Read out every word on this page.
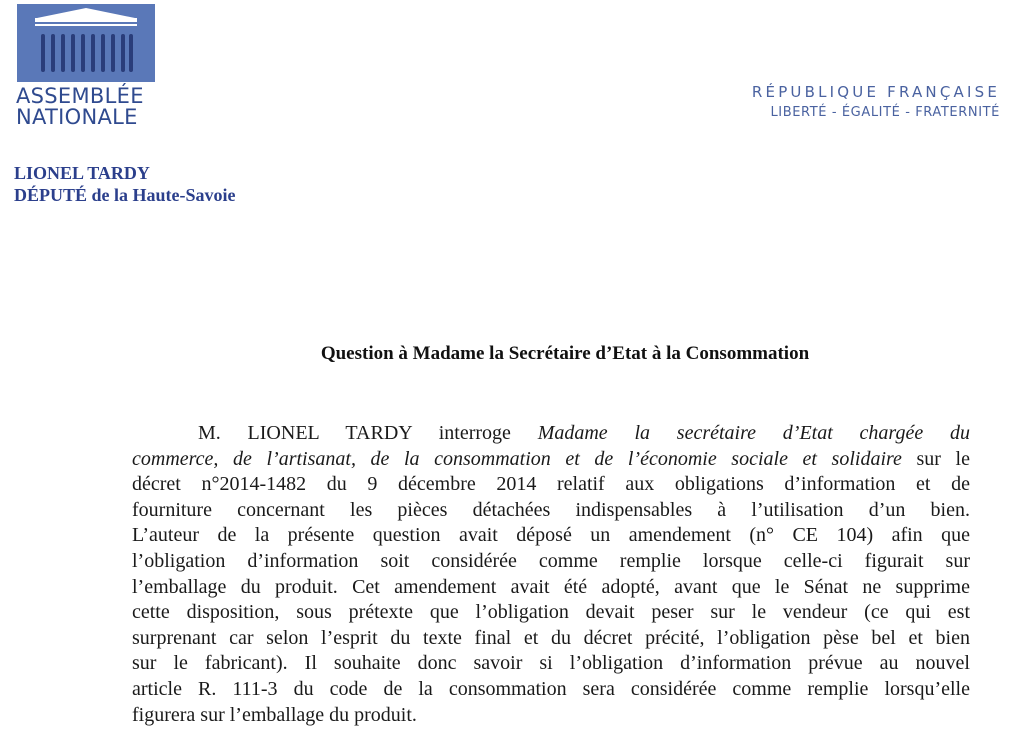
ASSEMBLÉE
NATIONALE
RÉPUBLIQUE FRANÇAISE
LIBERTÉ - ÉGALITÉ - FRATERNITÉ
LIONEL TARDY
DÉPUTÉ de la Haute-Savoie
Question à Madame la Secrétaire d’Etat à la Consommation
M. LIONEL TARDY interroge Madame la secrétaire d’Etat chargée du
commerce, de l’artisanat, de la consommation et de l’économie sociale et solidaire sur le
décret n°2014-1482 du 9 décembre 2014 relatif aux obligations d’information et de
fourniture concernant les pièces détachées indispensables à l’utilisation d’un bien.
L’auteur de la présente question avait déposé un amendement (n° CE 104) afin que
l’obligation d’information soit considérée comme remplie lorsque celle-ci figurait sur
l’emballage du produit. Cet amendement avait été adopté, avant que le Sénat ne supprime
cette disposition, sous prétexte que l’obligation devait peser sur le vendeur (ce qui est
surprenant car selon l’esprit du texte final et du décret précité, l’obligation pèse bel et bien
sur le fabricant). Il souhaite donc savoir si l’obligation d’information prévue au nouvel
article R. 111-3 du code de la consommation sera considérée comme remplie lorsqu’elle
figurera sur l’emballage du produit.
